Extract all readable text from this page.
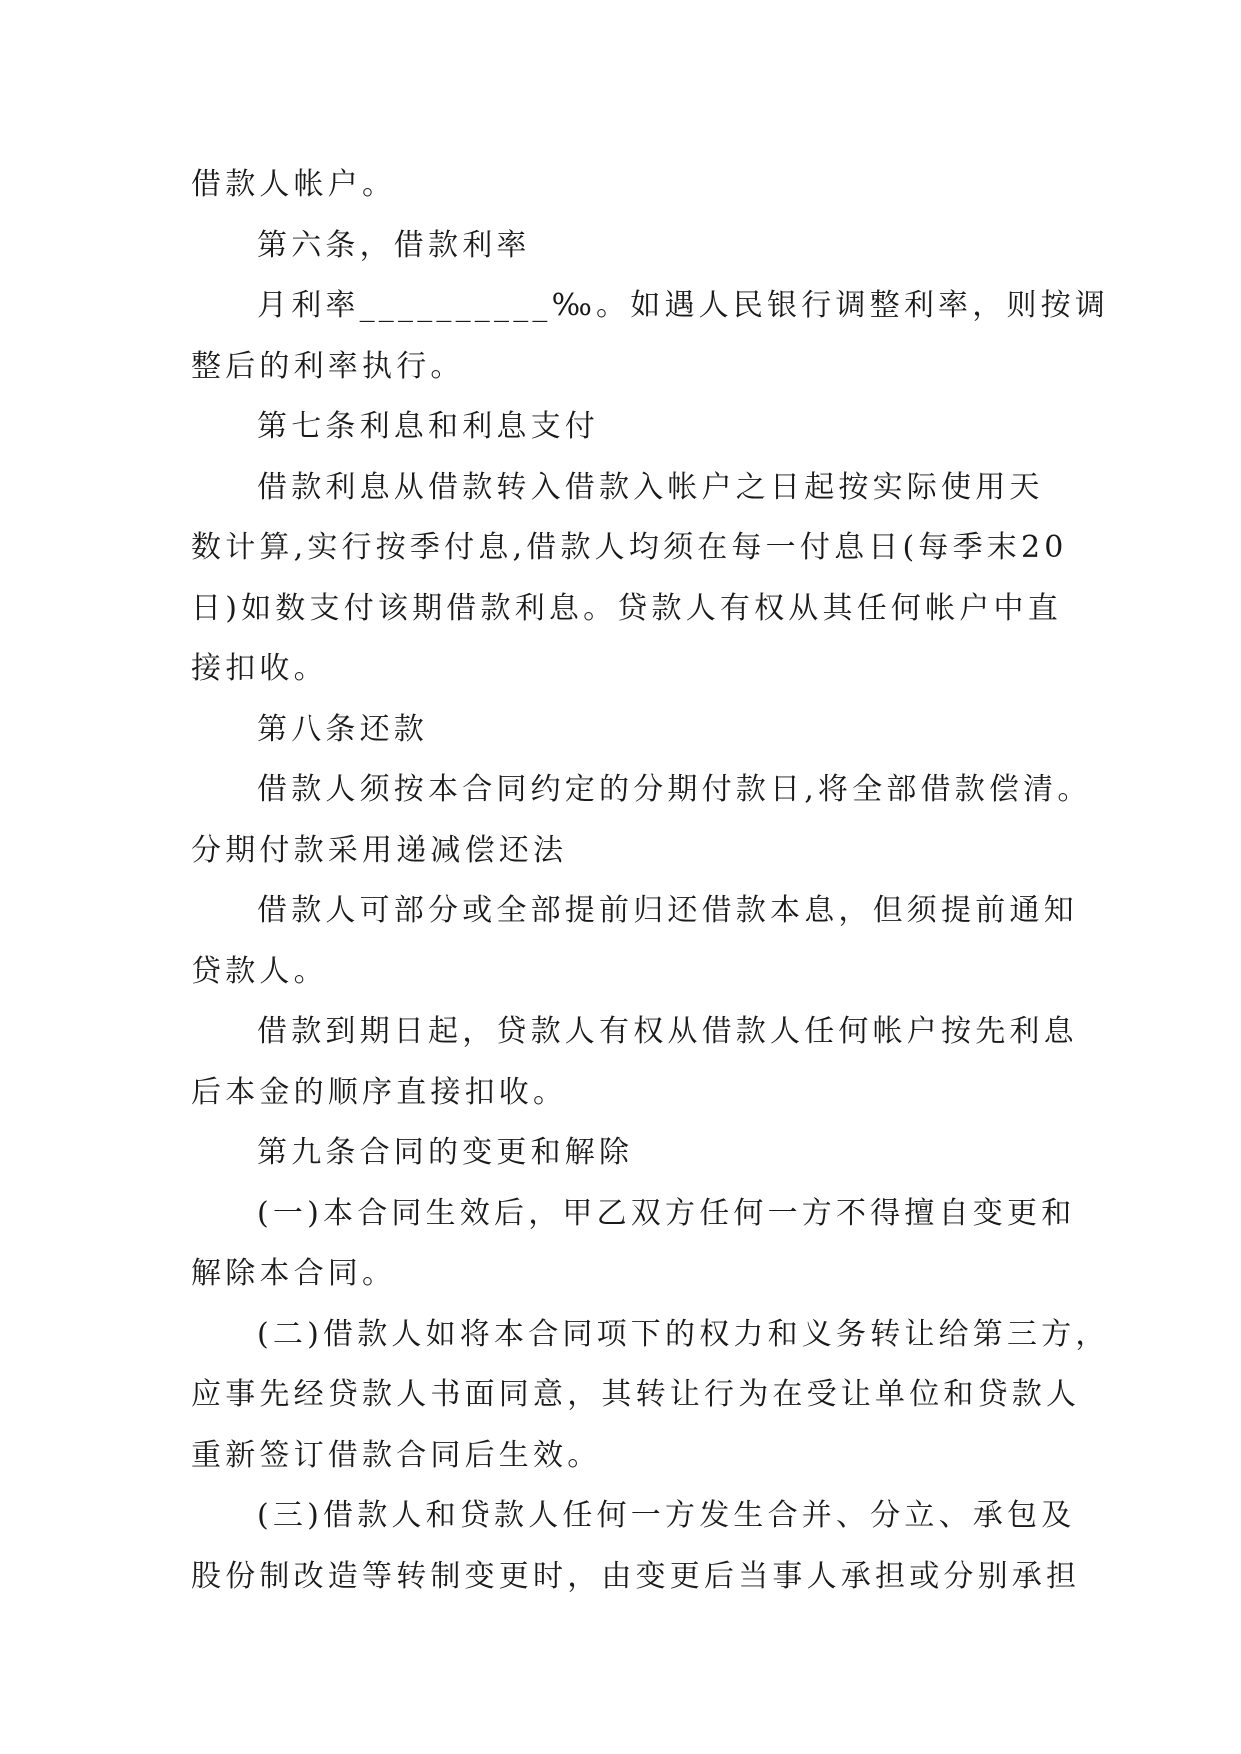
借款人帐户。
第六条，借款利率
月利率__________‰。如遇人民银行调整利率，则按调
整后的利率执行。
第七条利息和利息支付
借款利息从借款转入借款入帐户之日起按实际使用天
数计算,实行按季付息,借款人均须在每一付息日(每季末20
日)如数支付该期借款利息。贷款人有权从其任何帐户中直
接扣收。
第八条还款
借款人须按本合同约定的分期付款日,将全部借款偿清。
分期付款采用递减偿还法
借款人可部分或全部提前归还借款本息，但须提前通知
贷款人。
借款到期日起，贷款人有权从借款人任何帐户按先利息
后本金的顺序直接扣收。
第九条合同的变更和解除
(一)本合同生效后，甲乙双方任何一方不得擅自变更和
解除本合同。
(二)借款人如将本合同项下的权力和义务转让给第三方，
应事先经贷款人书面同意，其转让行为在受让单位和贷款人
重新签订借款合同后生效。
(三)借款人和贷款人任何一方发生合并、分立、承包及
股份制改造等转制变更时，由变更后当事人承担或分别承担
